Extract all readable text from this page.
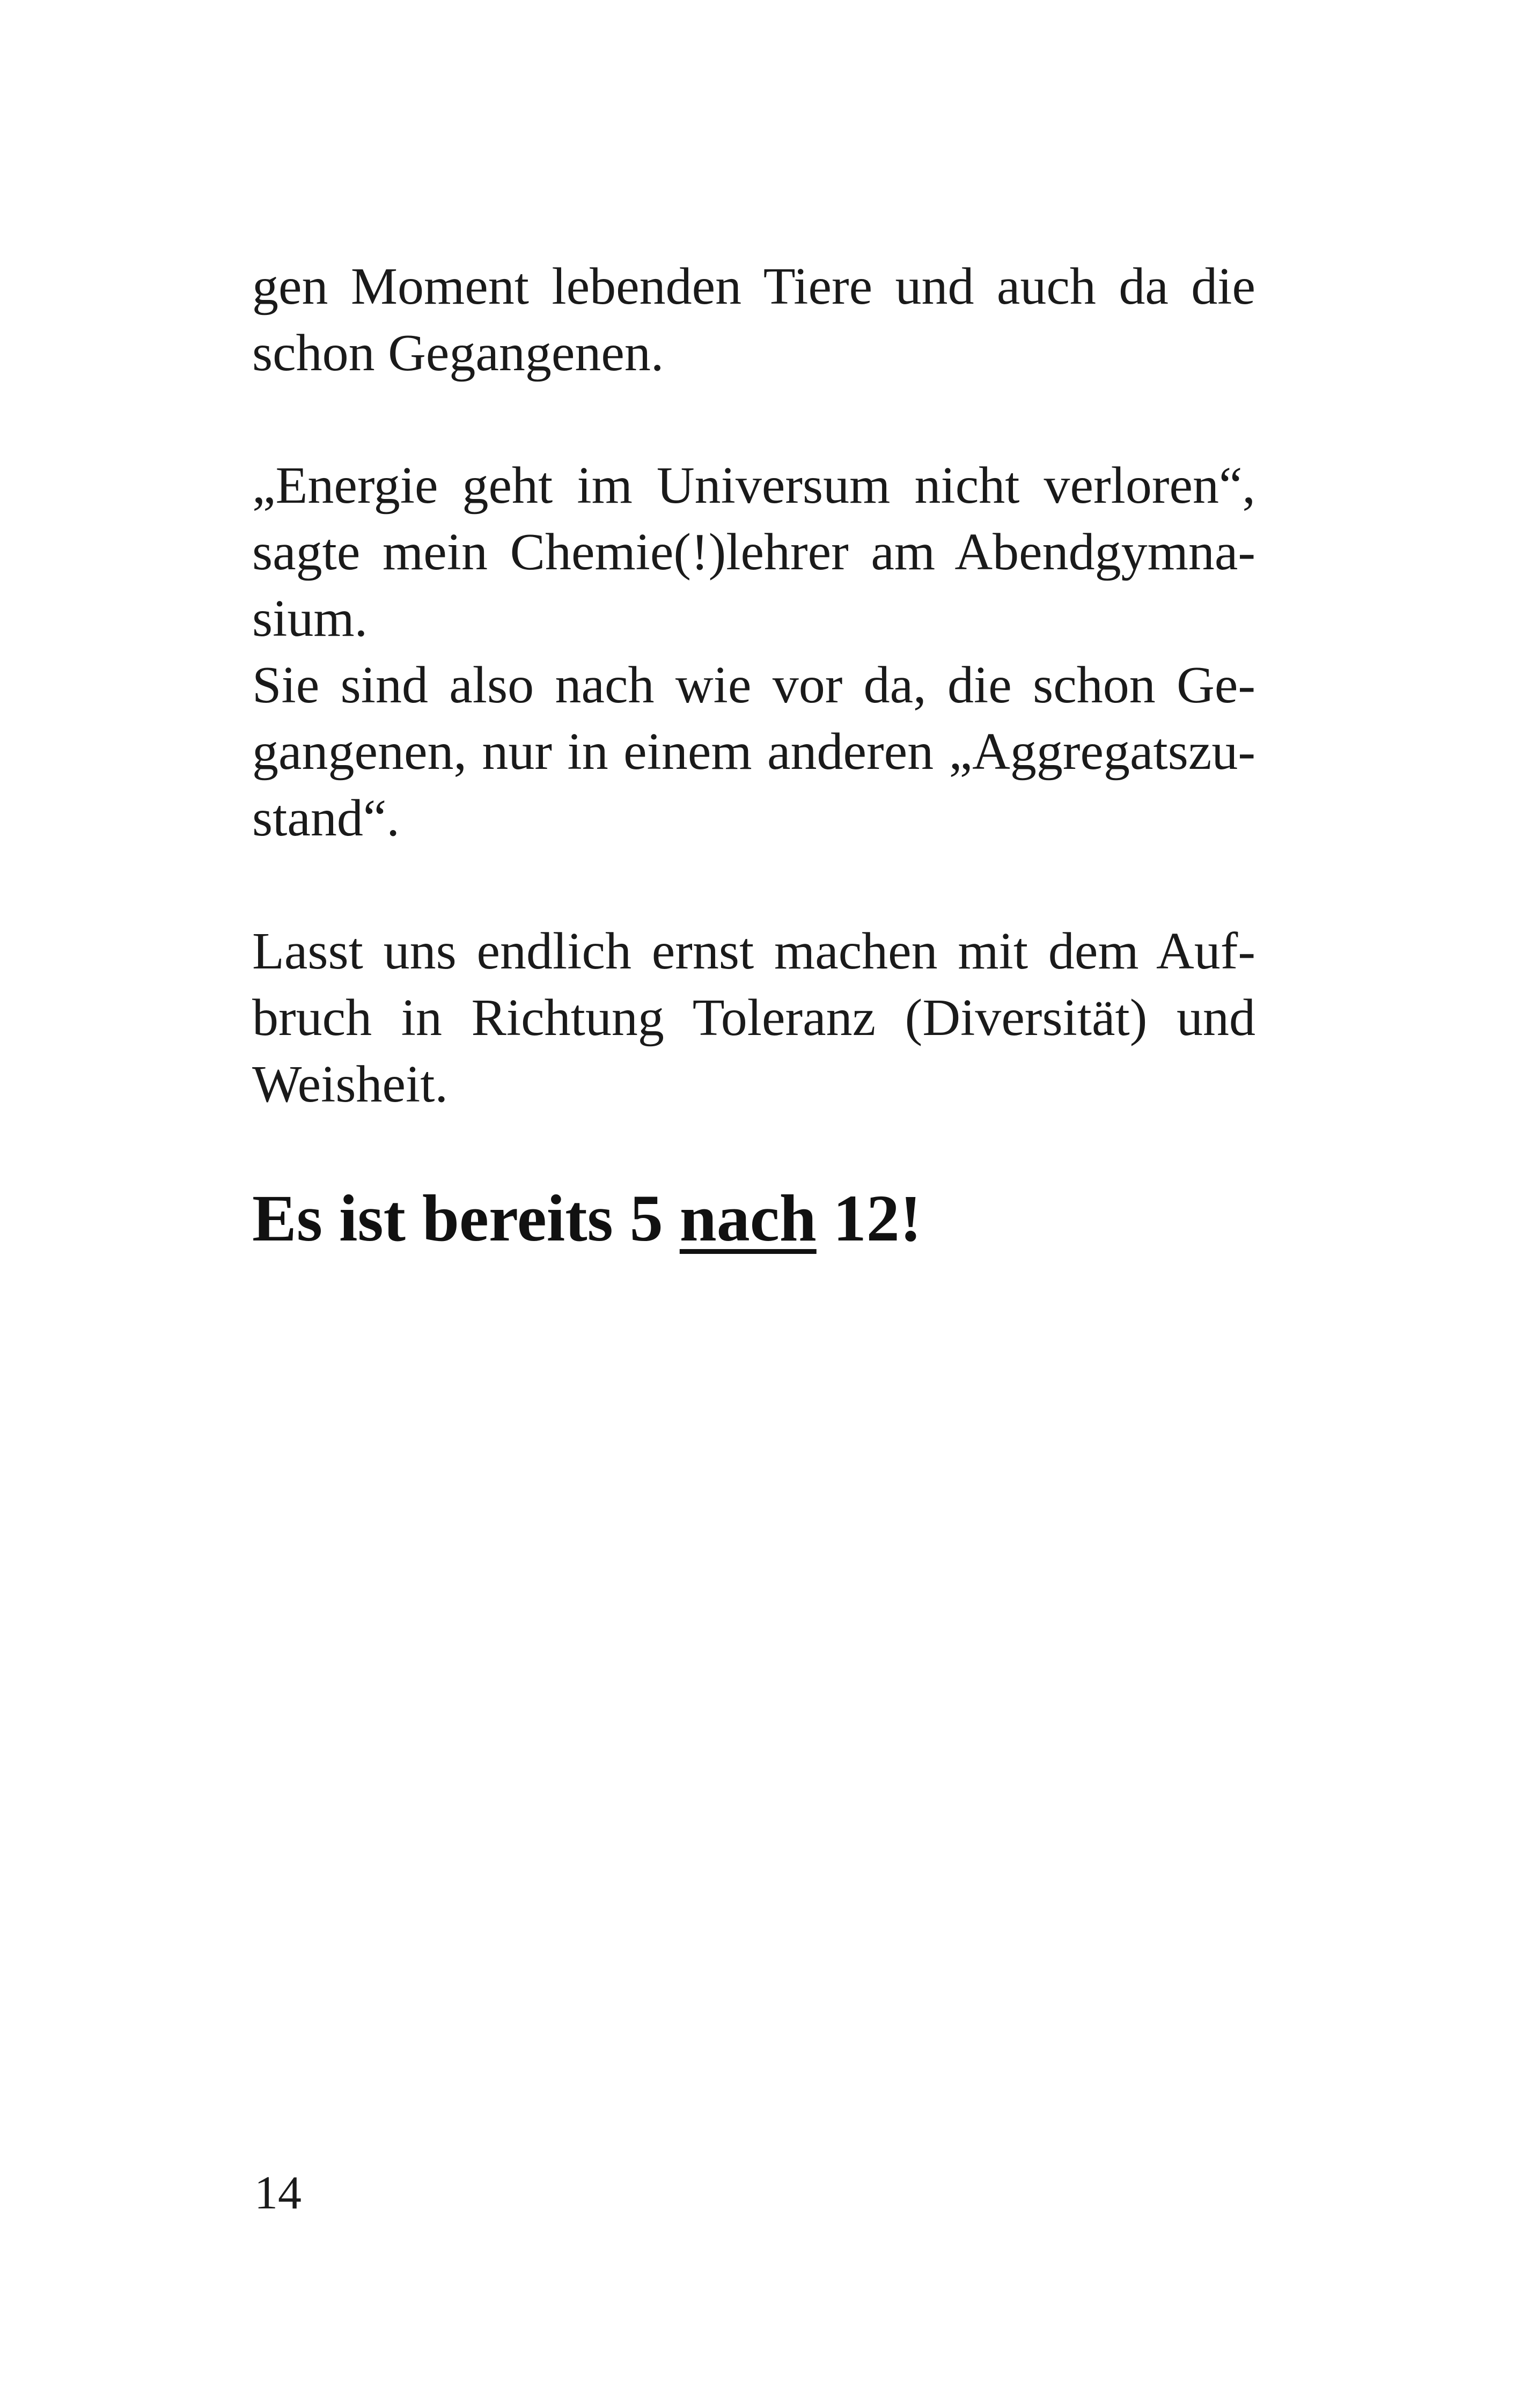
gen Moment lebenden Tiere und auch da die
schon Gegangenen.

„Energie geht im Universum nicht verloren“,
sagte mein Chemie(!)lehrer am Abendgymna-
sium.
Sie sind also nach wie vor da, die schon Ge-
gangenen, nur in einem anderen „Aggregatszu-
stand“.

Lasst uns endlich ernst machen mit dem Auf-
bruch in Richtung Toleranz (Diversität) und
Weisheit.

Es ist bereits 5 nach 12!

14
